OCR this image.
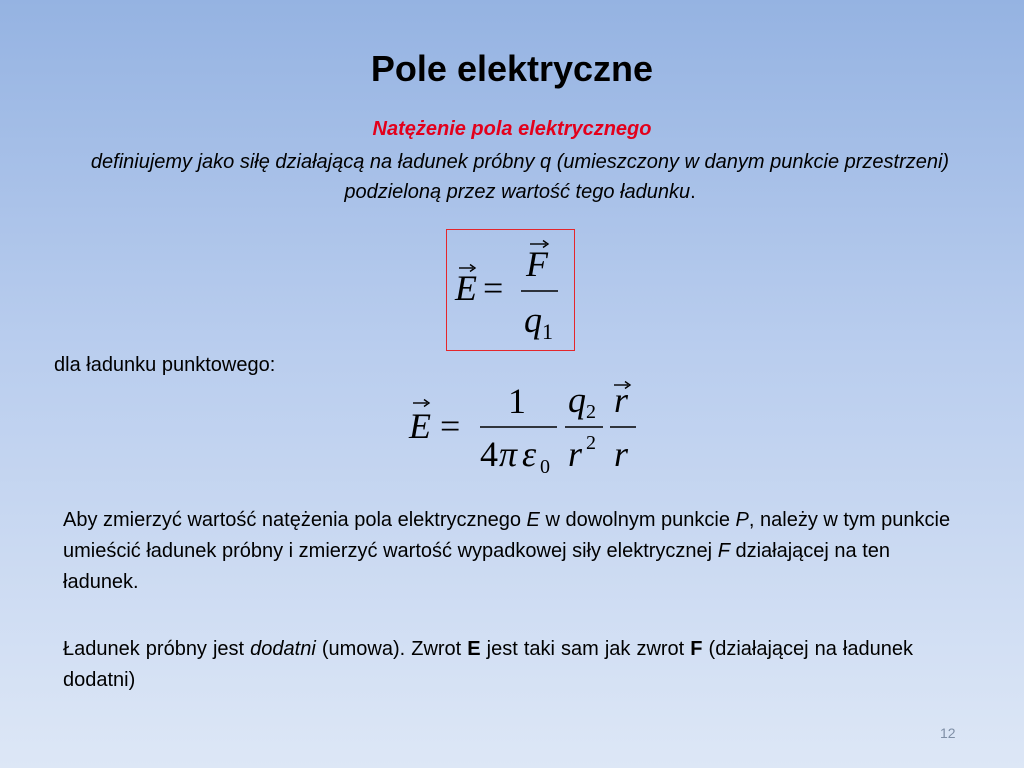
Pole elektryczne
Natężenie pola elektrycznego
definiujemy jako siłę działającą na ładunek próbny q (umieszczony w danym punkcie przestrzeni) podzieloną przez wartość tego ładunku.
E =
F
q 1
dla ładunku punktowego:
E =
1
4 π ε 0
q 2
r 2
r
r
Aby zmierzyć wartość natężenia pola elektrycznego E w dowolnym punkcie P, należy w tym punkcie umieścić ładunek próbny i zmierzyć wartość wypadkowej siły elektrycznej F działającej na ten ładunek.
Ładunek próbny jest dodatni (umowa). Zwrot E jest taki sam jak zwrot F (działającej na ładunek dodatni)
12
